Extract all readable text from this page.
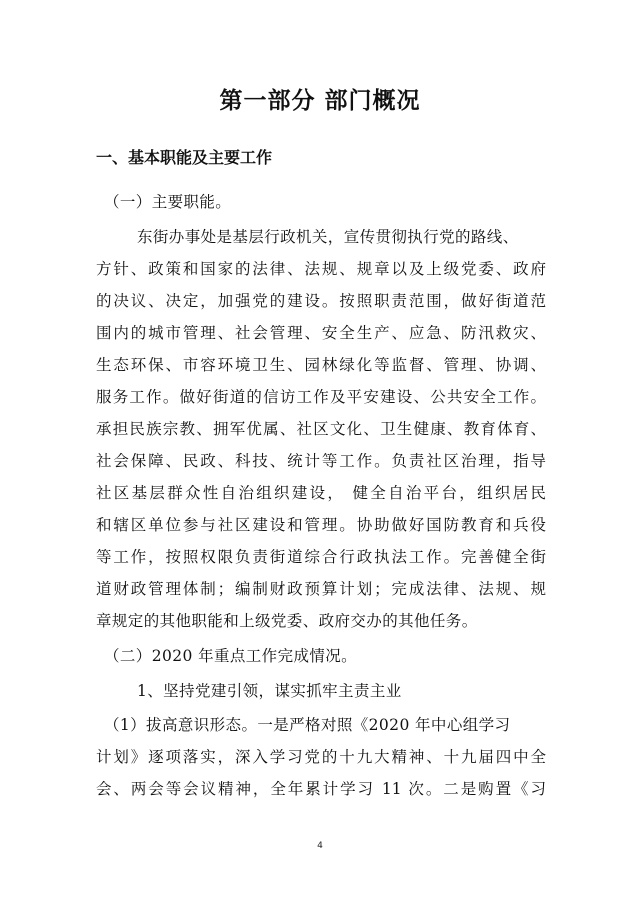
第一部分 部门概况
一、基本职能及主要工作
（一）主要职能。
东街办事处是基层行政机关，宣传贯彻执行党的路线、
方针、政策和国家的法律、法规、规章以及上级党委、政府
的决议、决定，加强党的建设。按照职责范围，做好街道范
围内的城市管理、社会管理、安全生产、应急、防汛救灾、
生态环保、市容环境卫生、园林绿化等监督、管理、协调、
服务工作。做好街道的信访工作及平安建设、公共安全工作。
承担民族宗教、拥军优属、社区文化、卫生健康、教育体育、
社会保障、民政、科技、统计等工作。负责社区治理，指导
社区基层群众性自治组织建设， 健全自治平台，组织居民
和辖区单位参与社区建设和管理。协助做好国防教育和兵役
等工作，按照权限负责街道综合行政执法工作。完善健全街
道财政管理体制；编制财政预算计划；完成法律、法规、规
章规定的其他职能和上级党委、政府交办的其他任务。
（二）2020 年重点工作完成情况。
1、坚持党建引领，谋实抓牢主责主业
（1）拔高意识形态。一是严格对照《2020 年中心组学习
计划》逐项落实，深入学习党的十九大精神、十九届四中全
会、两会等会议精神，全年累计学习 11 次。二是购置《习
4
